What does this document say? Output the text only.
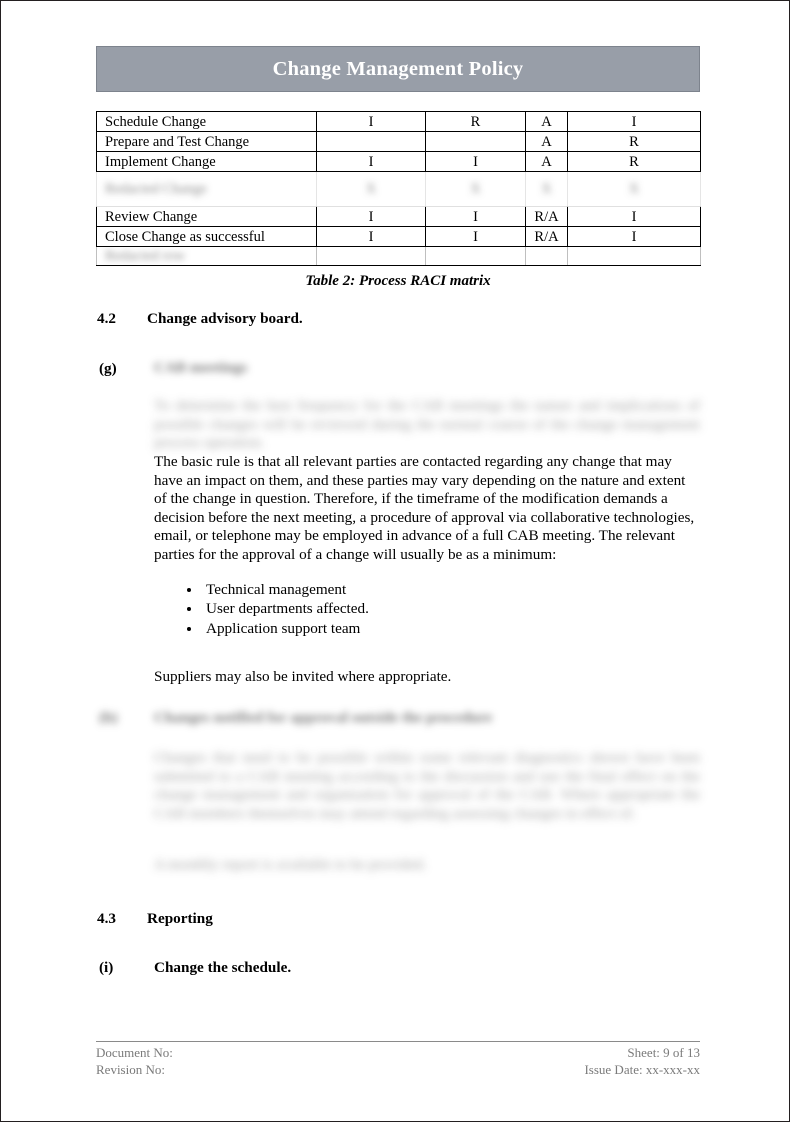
Change Management Policy
Schedule Change	I	R	A	I
Prepare and Test Change			A	R
Implement Change	I	I	A	R
Redacted Change	X	X	X	X
Review Change	I	I	R/A	I
Close Change as successful	I	I	R/A	I
Redacted row				
Table 2: Process RACI matrix
4.2 Change advisory board.
(g) CAB meetings
To determine the best frequency for the CAB meetings the nature and implications of possible changes will be reviewed during the normal course of the change management process operation.
The basic rule is that all relevant parties are contacted regarding any change that may have an impact on them, and these parties may vary depending on the nature and extent of the change in question. Therefore, if the timeframe of the modification demands a decision before the next meeting, a procedure of approval via collaborative technologies, email, or telephone may be employed in advance of a full CAB meeting. The relevant parties for the approval of a change will usually be as a minimum:
• Technical management
• User departments affected.
• Application support team
Suppliers may also be invited where appropriate.
(h)	Changes notified for approval outside the procedure
Changes that need to be possible within some relevant diagnostics shown have been submitted to a CAB meeting according to the discussion and use the final effect on the change management and organisation for approval of the CAB. Where appropriate the CAB members themselves may attend regarding assessing changes in effect of.
A monthly report is available to be provided.
4.3 Reporting
(i)	Change the schedule.
Document No:	Sheet: 9 of 13
Revision No:	Issue Date: xx-xxx-xx
